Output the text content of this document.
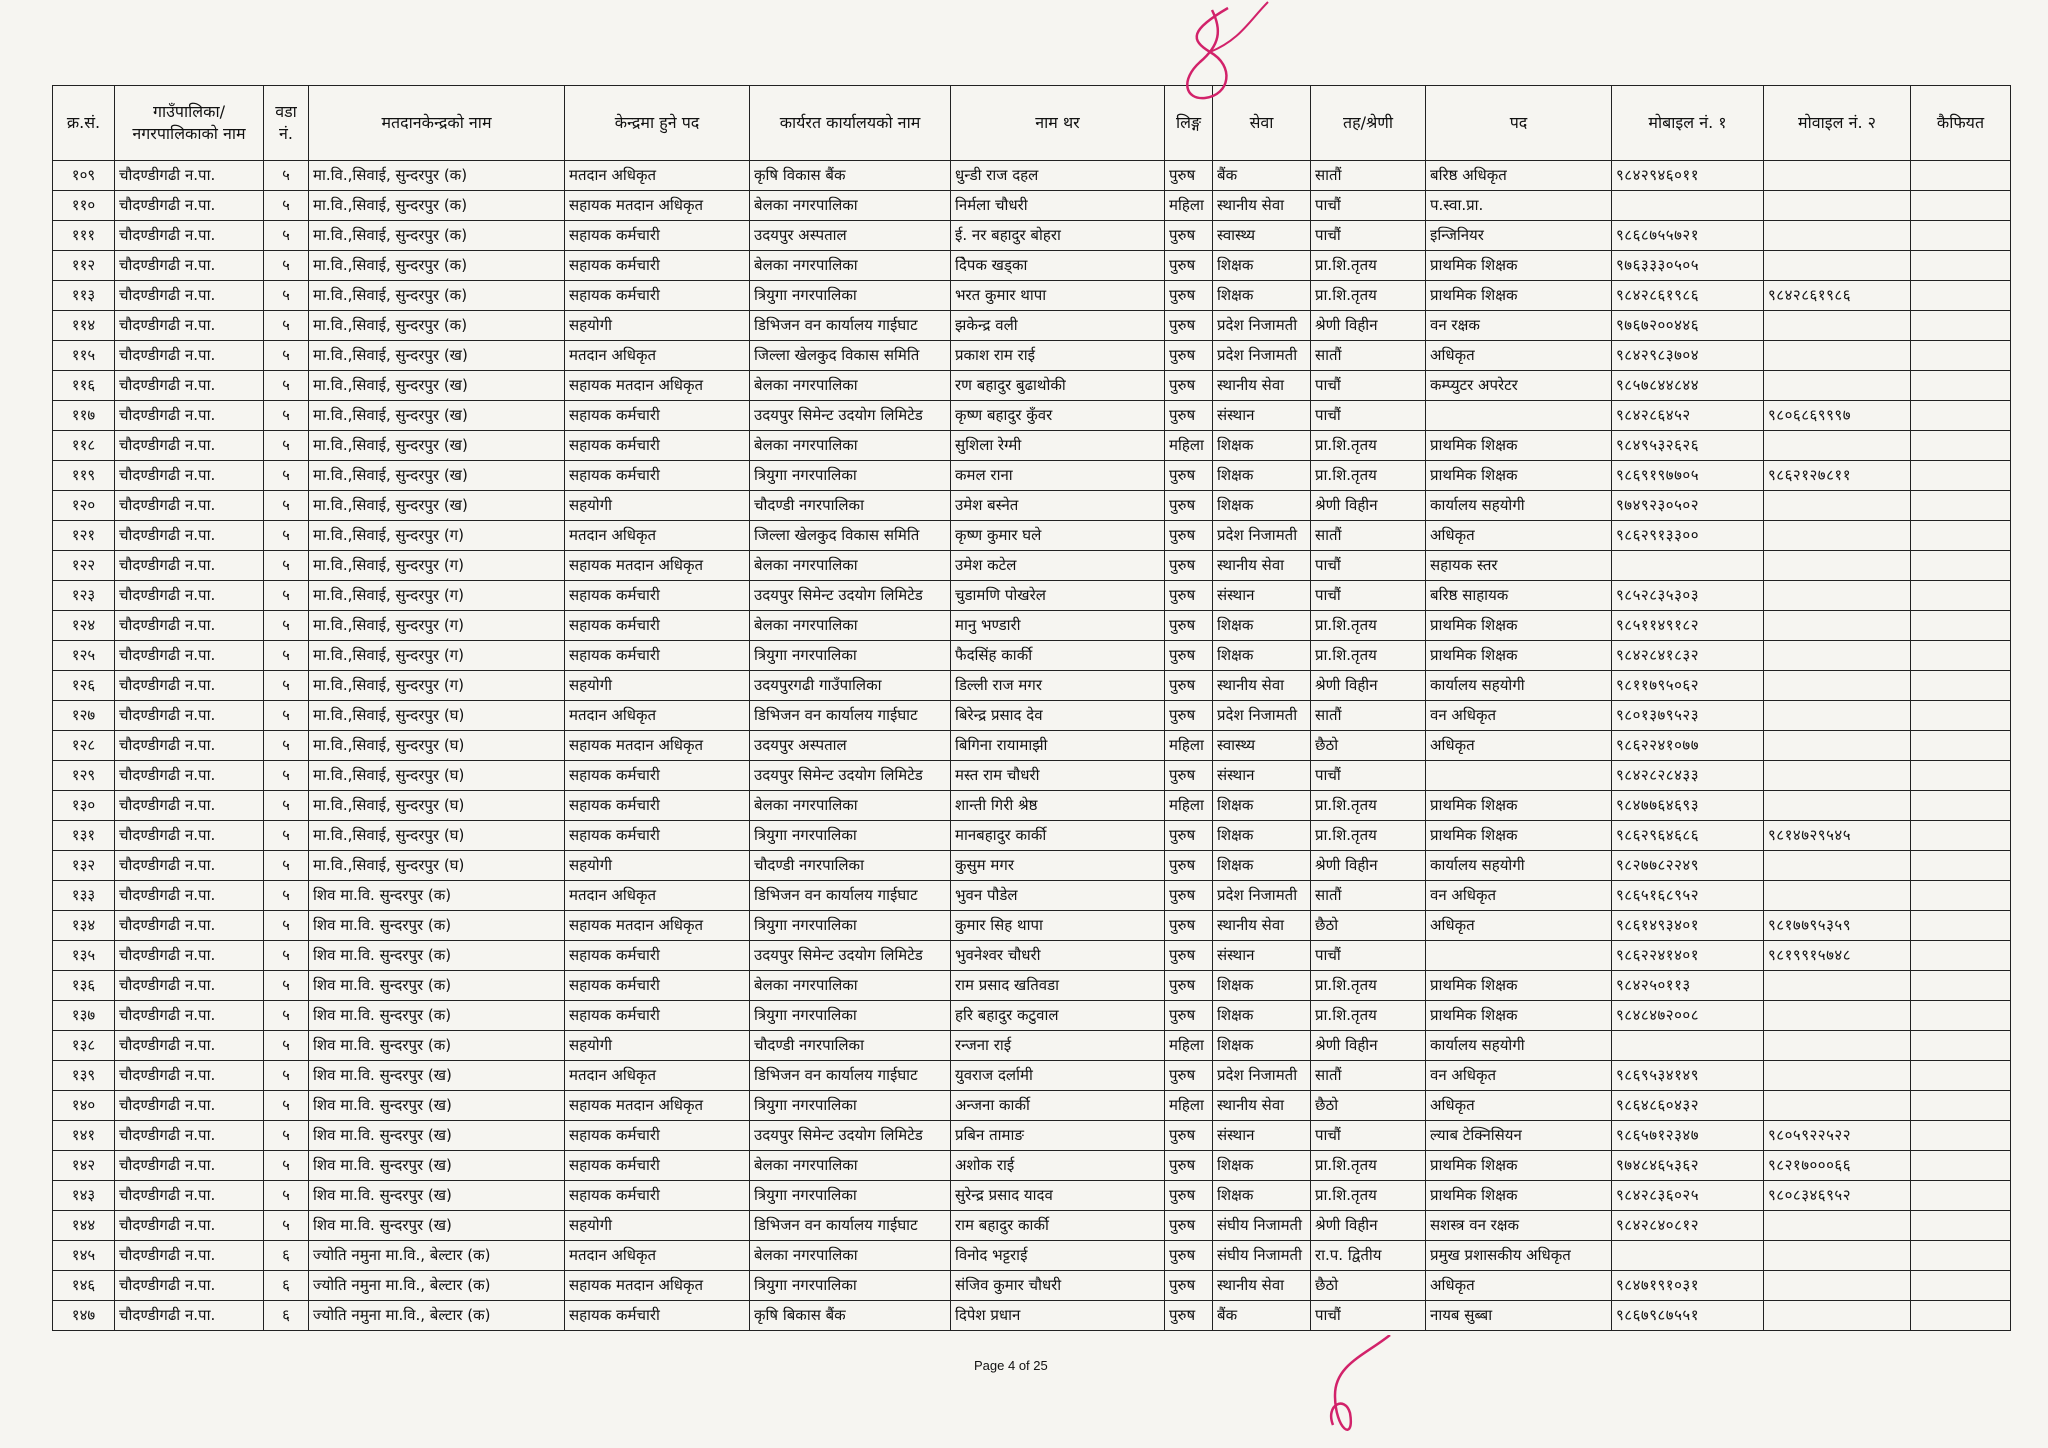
क्र.सं.	गाउँपालिका/नगरपालिकाको नाम	वडा नं.	मतदानकेन्द्रको नाम	केन्द्रमा हुने पद	कार्यरत कार्यालयको नाम	नाम थर	लिङ्ग	सेवा	तह/श्रेणी	पद	मोबाइल नं. १	मोवाइल नं. २	कैफियत
१०९	चौदण्डीगढी न.पा.	५	मा.वि.,सिवाई, सुन्दरपुर (क)	मतदान अधिकृत	कृषि विकास बैंक	धुन्डी राज दहल	पुरुष	बैंक	सातौं	बरिष्ठ अधिकृत	९८४२९४६०११		
११०	चौदण्डीगढी न.पा.	५	मा.वि.,सिवाई, सुन्दरपुर (क)	सहायक मतदान अधिकृत	बेलका नगरपालिका	निर्मला चौधरी	महिला	स्थानीय सेवा	पाचौं	प.स्वा.प्रा.			
१११	चौदण्डीगढी न.पा.	५	मा.वि.,सिवाई, सुन्दरपुर (क)	सहायक कर्मचारी	उदयपुर अस्पताल	ई. नर बहादुर बोहरा	पुरुष	स्वास्थ्य	पाचौं	इन्जिनियर	९८६८७५५७२१		
११२	चौदण्डीगढी न.पा.	५	मा.वि.,सिवाई, सुन्दरपुर (क)	सहायक कर्मचारी	बेलका नगरपालिका	देिपक खड्का	पुरुष	शिक्षक	प्रा.शि.तृतय	प्राथमिक शिक्षक	९७६३३३०५०५		
११३	चौदण्डीगढी न.पा.	५	मा.वि.,सिवाई, सुन्दरपुर (क)	सहायक कर्मचारी	त्रियुगा नगरपालिका	भरत कुमार थापा	पुरुष	शिक्षक	प्रा.शि.तृतय	प्राथमिक शिक्षक	९८४२८६१९८६	९८४२८६१९८६	
११४	चौदण्डीगढी न.पा.	५	मा.वि.,सिवाई, सुन्दरपुर (क)	सहयोगी	डिभिजन वन कार्यालय गाईघाट	झकेन्द्र वली	पुरुष	प्रदेश निजामती	श्रेणी विहीन	वन रक्षक	९७६७२००४४६		
११५	चौदण्डीगढी न.पा.	५	मा.वि.,सिवाई, सुन्दरपुर (ख)	मतदान अधिकृत	जिल्ला खेलकुद विकास समिति	प्रकाश राम राई	पुरुष	प्रदेश निजामती	सातौं	अधिकृत	९८४२९८३७०४		
११६	चौदण्डीगढी न.पा.	५	मा.वि.,सिवाई, सुन्दरपुर (ख)	सहायक मतदान अधिकृत	बेलका नगरपालिका	रण बहादुर बुढाथोकी	पुरुष	स्थानीय सेवा	पाचौं	कम्प्युटर अपरेटर	९८५७८४४८४४		
११७	चौदण्डीगढी न.पा.	५	मा.वि.,सिवाई, सुन्दरपुर (ख)	सहायक कर्मचारी	उदयपुर सिमेन्ट उदयोग लिमिटेड	कृष्ण बहादुर कुँवर	पुरुष	संस्थान	पाचौं		९८४२८६४५२	९८०६८६९९९७	
११८	चौदण्डीगढी न.पा.	५	मा.वि.,सिवाई, सुन्दरपुर (ख)	सहायक कर्मचारी	बेलका नगरपालिका	सुशिला रेग्मी	महिला	शिक्षक	प्रा.शि.तृतय	प्राथमिक शिक्षक	९८४९५३२६२६		
११९	चौदण्डीगढी न.पा.	५	मा.वि.,सिवाई, सुन्दरपुर (ख)	सहायक कर्मचारी	त्रियुगा नगरपालिका	कमल राना	पुरुष	शिक्षक	प्रा.शि.तृतय	प्राथमिक शिक्षक	९८६९१९७७०५	९८६२१२७८११	
१२०	चौदण्डीगढी न.पा.	५	मा.वि.,सिवाई, सुन्दरपुर (ख)	सहयोगी	चौदण्डी नगरपालिका	उमेश बस्नेत	पुरुष	शिक्षक	श्रेणी विहीन	कार्यालय सहयोगी	९७४९२३०५०२		
१२१	चौदण्डीगढी न.पा.	५	मा.वि.,सिवाई, सुन्दरपुर (ग)	मतदान अधिकृत	जिल्ला खेलकुद विकास समिति	कृष्ण कुमार घले	पुरुष	प्रदेश निजामती	सातौं	अधिकृत	९८६२९१३३००		
१२२	चौदण्डीगढी न.पा.	५	मा.वि.,सिवाई, सुन्दरपुर (ग)	सहायक मतदान अधिकृत	बेलका नगरपालिका	उमेश कटेल	पुरुष	स्थानीय सेवा	पाचौं	सहायक स्तर			
१२३	चौदण्डीगढी न.पा.	५	मा.वि.,सिवाई, सुन्दरपुर (ग)	सहायक कर्मचारी	उदयपुर सिमेन्ट उदयोग लिमिटेड	चुडामणि पोखरेल	पुरुष	संस्थान	पाचौं	बरिष्ठ साहायक	९८५२८३५३०३		
१२४	चौदण्डीगढी न.पा.	५	मा.वि.,सिवाई, सुन्दरपुर (ग)	सहायक कर्मचारी	बेलका नगरपालिका	मानु भण्डारी	पुरुष	शिक्षक	प्रा.शि.तृतय	प्राथमिक शिक्षक	९८५११४९१८२		
१२५	चौदण्डीगढी न.पा.	५	मा.वि.,सिवाई, सुन्दरपुर (ग)	सहायक कर्मचारी	त्रियुगा नगरपालिका	फैदसिंह कार्की	पुरुष	शिक्षक	प्रा.शि.तृतय	प्राथमिक शिक्षक	९८४२८४१८३२		
१२६	चौदण्डीगढी न.पा.	५	मा.वि.,सिवाई, सुन्दरपुर (ग)	सहयोगी	उदयपुरगढी गाउँपालिका	डिल्ली राज मगर	पुरुष	स्थानीय सेवा	श्रेणी विहीन	कार्यालय सहयोगी	९८११७९५०६२		
१२७	चौदण्डीगढी न.पा.	५	मा.वि.,सिवाई, सुन्दरपुर (घ)	मतदान अधिकृत	डिभिजन वन कार्यालय गाईघाट	बिरेन्द्र प्रसाद देव	पुरुष	प्रदेश निजामती	सातौं	वन अधिकृत	९८०१३७९५२३		
१२८	चौदण्डीगढी न.पा.	५	मा.वि.,सिवाई, सुन्दरपुर (घ)	सहायक मतदान अधिकृत	उदयपुर अस्पताल	बिगिना रायामाझी	महिला	स्वास्थ्य	छैठो	अधिकृत	९८६२२४१०७७		
१२९	चौदण्डीगढी न.पा.	५	मा.वि.,सिवाई, सुन्दरपुर (घ)	सहायक कर्मचारी	उदयपुर सिमेन्ट उदयोग लिमिटेड	मस्त राम चौधरी	पुरुष	संस्थान	पाचौं		९८४२८२८४३३		
१३०	चौदण्डीगढी न.पा.	५	मा.वि.,सिवाई, सुन्दरपुर (घ)	सहायक कर्मचारी	बेलका नगरपालिका	शान्ती गिरी श्रेष्ठ	महिला	शिक्षक	प्रा.शि.तृतय	प्राथमिक शिक्षक	९८४७७६४६९३		
१३१	चौदण्डीगढी न.पा.	५	मा.वि.,सिवाई, सुन्दरपुर (घ)	सहायक कर्मचारी	त्रियुगा नगरपालिका	मानबहादुर कार्की	पुरुष	शिक्षक	प्रा.शि.तृतय	प्राथमिक शिक्षक	९८६२९६४६८६	९८१४७२९५४५	
१३२	चौदण्डीगढी न.पा.	५	मा.वि.,सिवाई, सुन्दरपुर (घ)	सहयोगी	चौदण्डी नगरपालिका	कुसुम मगर	पुरुष	शिक्षक	श्रेणी विहीन	कार्यालय सहयोगी	९८२७७८२२४९		
१३३	चौदण्डीगढी न.पा.	५	शिव मा.वि. सुन्दरपुर (क)	मतदान अधिकृत	डिभिजन वन कार्यालय गाईघाट	भुवन पौडेल	पुरुष	प्रदेश निजामती	सातौं	वन अधिकृत	९८६५१६८९५२		
१३४	चौदण्डीगढी न.पा.	५	शिव मा.वि. सुन्दरपुर (क)	सहायक मतदान अधिकृत	त्रियुगा नगरपालिका	कुमार सिह थापा	पुरुष	स्थानीय सेवा	छैठो	अधिकृत	९८६१४९३४०१	९८१७७९५३५९	
१३५	चौदण्डीगढी न.पा.	५	शिव मा.वि. सुन्दरपुर (क)	सहायक कर्मचारी	उदयपुर सिमेन्ट उदयोग लिमिटेड	भुवनेश्वर चौधरी	पुरुष	संस्थान	पाचौं		९८६२२४१४०१	९८१९९१५७४८	
१३६	चौदण्डीगढी न.पा.	५	शिव मा.वि. सुन्दरपुर (क)	सहायक कर्मचारी	बेलका नगरपालिका	राम प्रसाद खतिवडा	पुरुष	शिक्षक	प्रा.शि.तृतय	प्राथमिक शिक्षक	९८४२५०११३		
१३७	चौदण्डीगढी न.पा.	५	शिव मा.वि. सुन्दरपुर (क)	सहायक कर्मचारी	त्रियुगा नगरपालिका	हरि बहादुर कटुवाल	पुरुष	शिक्षक	प्रा.शि.तृतय	प्राथमिक शिक्षक	९८४८४७२००८		
१३८	चौदण्डीगढी न.पा.	५	शिव मा.वि. सुन्दरपुर (क)	सहयोगी	चौदण्डी नगरपालिका	रन्जना राई	महिला	शिक्षक	श्रेणी विहीन	कार्यालय सहयोगी			
१३९	चौदण्डीगढी न.पा.	५	शिव मा.वि. सुन्दरपुर (ख)	मतदान अधिकृत	डिभिजन वन कार्यालय गाईघाट	युवराज दर्लामी	पुरुष	प्रदेश निजामती	सातौं	वन अधिकृत	९८६९५३४१४९		
१४०	चौदण्डीगढी न.पा.	५	शिव मा.वि. सुन्दरपुर (ख)	सहायक मतदान अधिकृत	त्रियुगा नगरपालिका	अन्जना कार्की	महिला	स्थानीय सेवा	छैठो	अधिकृत	९८६४८६०४३२		
१४१	चौदण्डीगढी न.पा.	५	शिव मा.वि. सुन्दरपुर (ख)	सहायक कर्मचारी	उदयपुर सिमेन्ट उदयोग लिमिटेड	प्रबिन तामाङ	पुरुष	संस्थान	पाचौं	ल्याब टेक्निसियन	९८६५७१२३४७	९८०५९२२५२२	
१४२	चौदण्डीगढी न.पा.	५	शिव मा.वि. सुन्दरपुर (ख)	सहायक कर्मचारी	बेलका नगरपालिका	अशोक राई	पुरुष	शिक्षक	प्रा.शि.तृतय	प्राथमिक शिक्षक	९७४८४६५३६२	९८२१७०००६६	
१४३	चौदण्डीगढी न.पा.	५	शिव मा.वि. सुन्दरपुर (ख)	सहायक कर्मचारी	त्रियुगा नगरपालिका	सुरेन्द्र प्रसाद यादव	पुरुष	शिक्षक	प्रा.शि.तृतय	प्राथमिक शिक्षक	९८४२८३६०२५	९८०८३४६९५२	
१४४	चौदण्डीगढी न.पा.	५	शिव मा.वि. सुन्दरपुर (ख)	सहयोगी	डिभिजन वन कार्यालय गाईघाट	राम बहादुर कार्की	पुरुष	संघीय निजामती	श्रेणी विहीन	सशस्त्र वन रक्षक	९८४२८४०८१२		
१४५	चौदण्डीगढी न.पा.	६	ज्योति नमुना मा.वि., बेल्टार (क)	मतदान अधिकृत	बेलका नगरपालिका	विनोद भट्टराई	पुरुष	संघीय निजामती	रा.प. द्वितीय	प्रमुख प्रशासकीय अधिकृत			
१४६	चौदण्डीगढी न.पा.	६	ज्योति नमुना मा.वि., बेल्टार (क)	सहायक मतदान अधिकृत	त्रियुगा नगरपालिका	संजिव कुमार चौधरी	पुरुष	स्थानीय सेवा	छैठो	अधिकृत	९८४७१९१०३१		
१४७	चौदण्डीगढी न.पा.	६	ज्योति नमुना मा.वि., बेल्टार (क)	सहायक कर्मचारी	कृषि बिकास बैंक	दिपेश प्रधान	पुरुष	बैंक	पाचौं	नायब सुब्बा	९८६७९८७५५१		
Page 4 of 25
